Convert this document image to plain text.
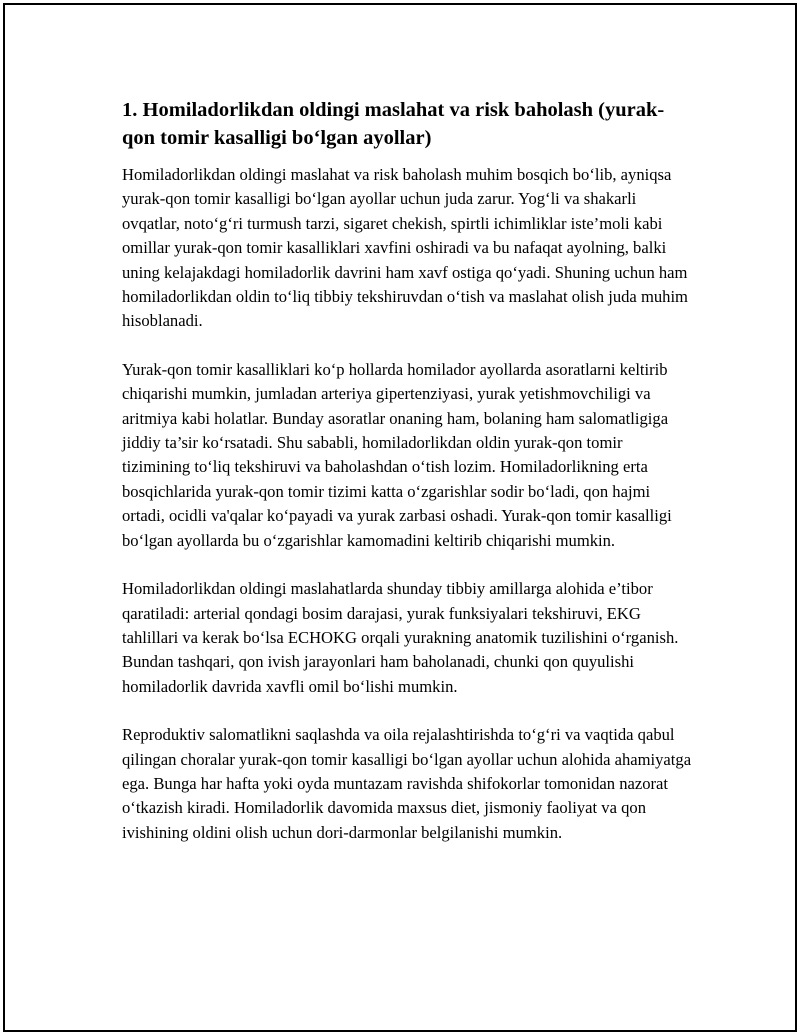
1. Homiladorlikdan oldingi maslahat va risk baholash (yurak-qon tomir kasalligi bo‘lgan ayollar)

Homiladorlikdan oldingi maslahat va risk baholash muhim bosqich bo‘lib, ayniqsa yurak-qon tomir kasalligi bo‘lgan ayollar uchun juda zarur. Yog‘li va shakarli ovqatlar, noto‘g‘ri turmush tarzi, sigaret chekish, spirtli ichimliklar iste’moli kabi omillar yurak-qon tomir kasalliklari xavfini oshiradi va bu nafaqat ayolning, balki uning kelajakdagi homiladorlik davrini ham xavf ostiga qo‘yadi. Shuning uchun ham homiladorlikdan oldin to‘liq tibbiy tekshiruvdan o‘tish va maslahat olish juda muhim hisoblanadi.

Yurak-qon tomir kasalliklari ko‘p hollarda homilador ayollarda asoratlarni keltirib chiqarishi mumkin, jumladan arteriya gipertenziyasi, yurak yetishmovchiligi va aritmiya kabi holatlar. Bunday asoratlar onaning ham, bolaning ham salomatligiga jiddiy ta’sir ko‘rsatadi. Shu sababli, homiladorlikdan oldin yurak-qon tomir tizimining to‘liq tekshiruvi va baholashdan o‘tish lozim. Homiladorlikning erta bosqichlarida yurak-qon tomir tizimi katta o‘zgarishlar sodir bo‘ladi, qon hajmi ortadi, ocidli va'qalar ko‘payadi va yurak zarbasi oshadi. Yurak-qon tomir kasalligi bo‘lgan ayollarda bu o‘zgarishlar kamomadini keltirib chiqarishi mumkin.

Homiladorlikdan oldingi maslahatlarda shunday tibbiy amillarga alohida e’tibor qaratiladi: arterial qondagi bosim darajasi, yurak funksiyalari tekshiruvi, EKG tahlillari va kerak bo‘lsa ECHOKG orqali yurakning anatomik tuzilishini o‘rganish. Bundan tashqari, qon ivish jarayonlari ham baholanadi, chunki qon quyulishi homiladorlik davrida xavfli omil bo‘lishi mumkin.

Reproduktiv salomatlikni saqlashda va oila rejalashtirishda to‘g‘ri va vaqtida qabul qilingan choralar yurak-qon tomir kasalligi bo‘lgan ayollar uchun alohida ahamiyatga ega. Bunga har hafta yoki oyda muntazam ravishda shifokorlar tomonidan nazorat o‘tkazish kiradi. Homiladorlik davomida maxsus diet, jismoniy faoliyat va qon ivishining oldini olish uchun dori-darmonlar belgilanishi mumkin.
